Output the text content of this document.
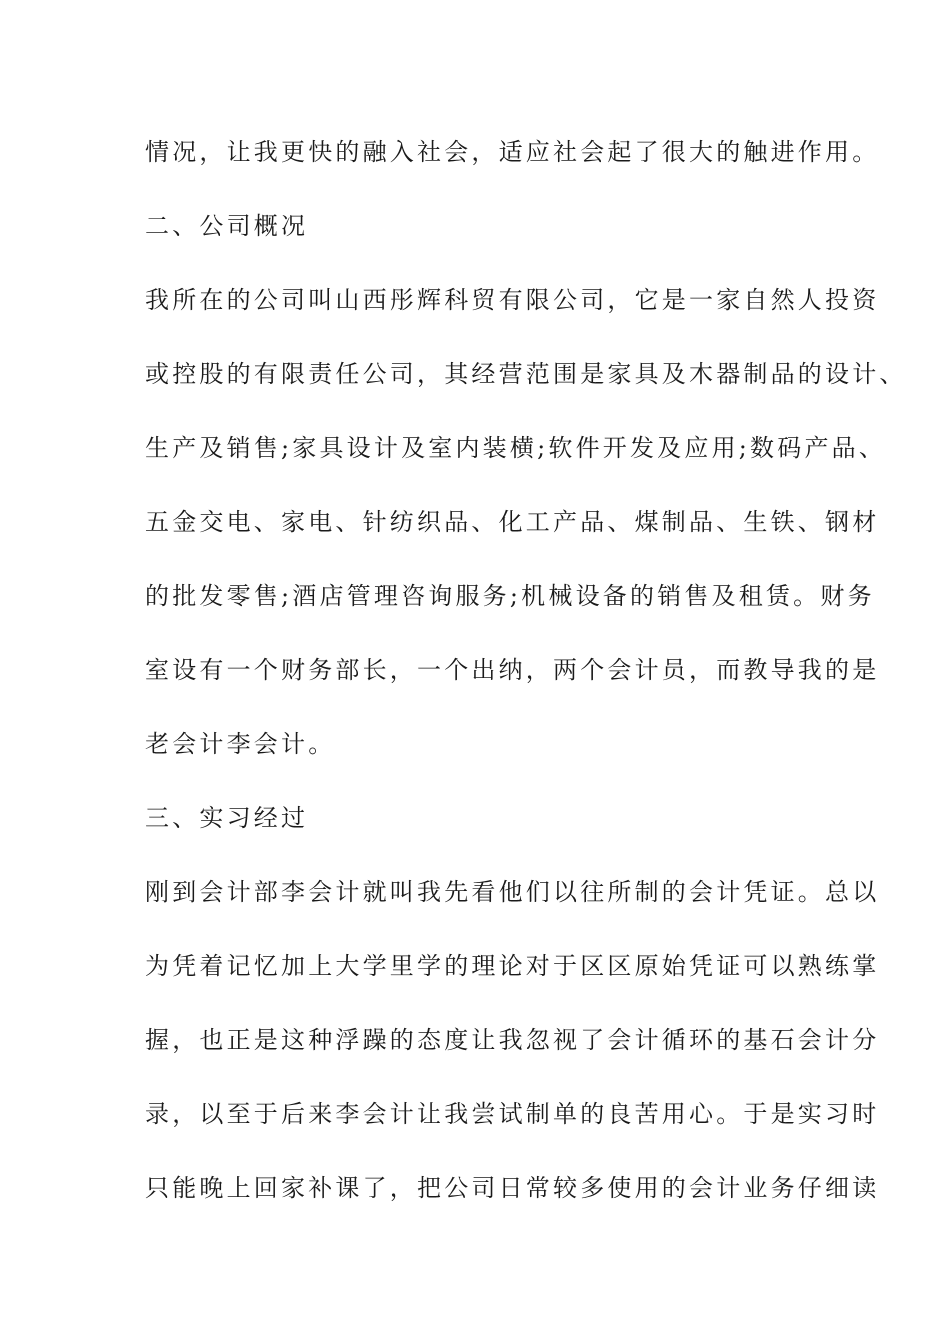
情况，让我更快的融入社会，适应社会起了很大的触进作用。
二、公司概况
我所在的公司叫山西彤辉科贸有限公司，它是一家自然人投资
或控股的有限责任公司，其经营范围是家具及木器制品的设计、
生产及销售;家具设计及室内装横;软件开发及应用;数码产品、
五金交电、家电、针纺织品、化工产品、煤制品、生铁、钢材
的批发零售;酒店管理咨询服务;机械设备的销售及租赁。财务
室设有一个财务部长，一个出纳，两个会计员，而教导我的是
老会计李会计。
三、实习经过
刚到会计部李会计就叫我先看他们以往所制的会计凭证。总以
为凭着记忆加上大学里学的理论对于区区原始凭证可以熟练掌
握，也正是这种浮躁的态度让我忽视了会计循环的基石会计分
录，以至于后来李会计让我尝试制单的良苦用心。于是实习时
只能晚上回家补课了，把公司日常较多使用的会计业务仔细读
